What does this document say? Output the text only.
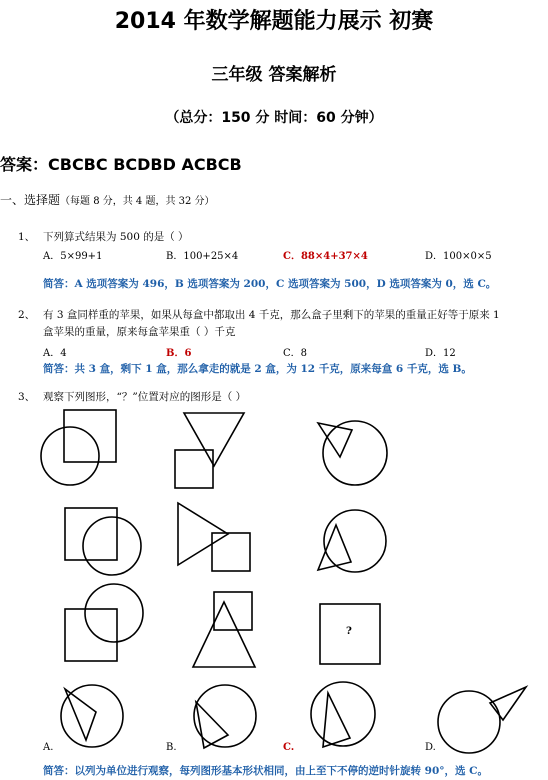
2014 年数学解题能力展示 初赛
三年级 答案解析
（总分：150 分 时间：60 分钟）
答案：CBCBC BCDBD ACBCB
一、选择题（每题 8 分，共 4 题，共 32 分）
1、 下列算式结果为 500 的是（ ）
A．5×99+1	B．100+25×4	C．88×4+37×4	D．100×0×5
简答：A 选项答案为 496，B 选项答案为 200，C 选项答案为 500，D 选项答案为 0，选 C。
2、 有 3 盒同样重的苹果，如果从每盒中都取出 4 千克，那么盒子里剩下的苹果的重量正好等于原来 1
盒苹果的重量，原来每盒苹果重（ ）千克
A．4	B．6	C．8	D．12
简答：共 3 盒，剩下 1 盒，那么拿走的就是 2 盒，为 12 千克，原来每盒 6 千克，选 B。
3、 观察下列图形，“？”位置对应的图形是（ ）
?
A.	B.	C.	D.
简答：以列为单位进行观察，每列图形基本形状相同，由上至下不停的逆时针旋转 90°，选 C。
